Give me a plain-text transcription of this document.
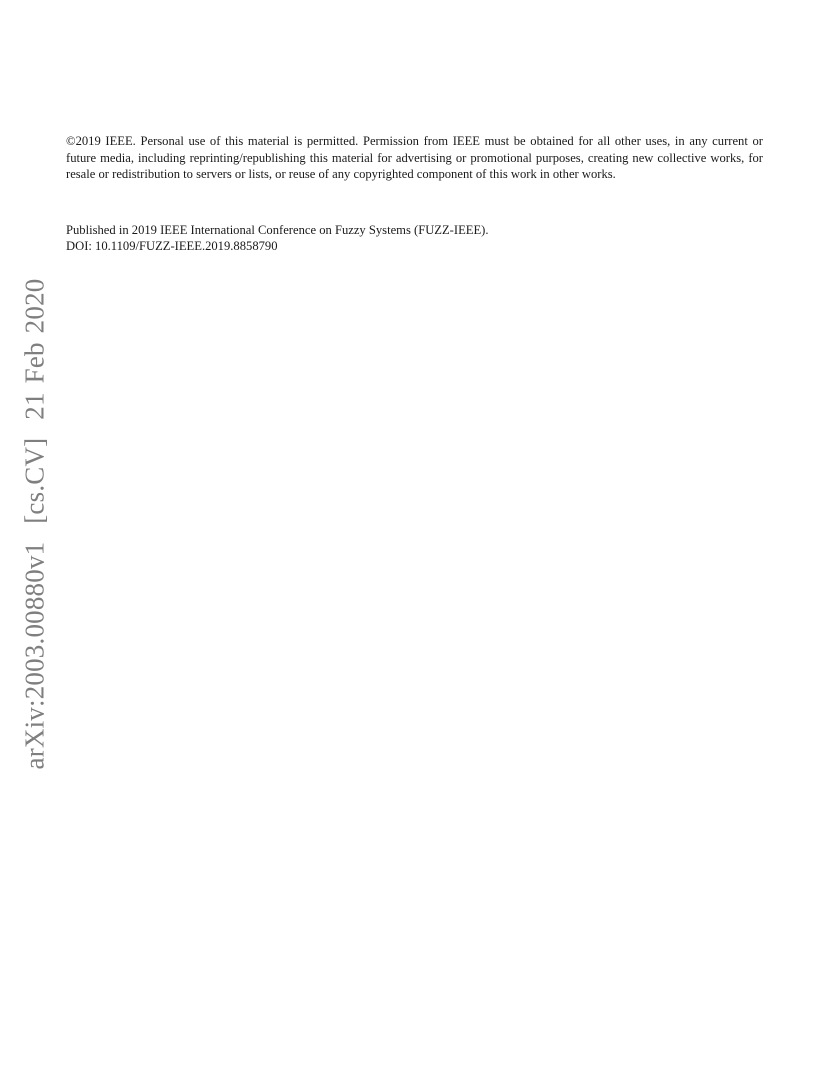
©2019 IEEE. Personal use of this material is permitted. Permission from IEEE must be obtained for all other uses, in any current or future media, including reprinting/republishing this material for advertising or promotional purposes, creating new collective works, for resale or redistribution to servers or lists, or reuse of any copyrighted component of this work in other works.

Published in 2019 IEEE International Conference on Fuzzy Systems (FUZZ-IEEE).
DOI: 10.1109/FUZZ-IEEE.2019.8858790
arXiv:2003.00880v1  [cs.CV]  21 Feb 2020
